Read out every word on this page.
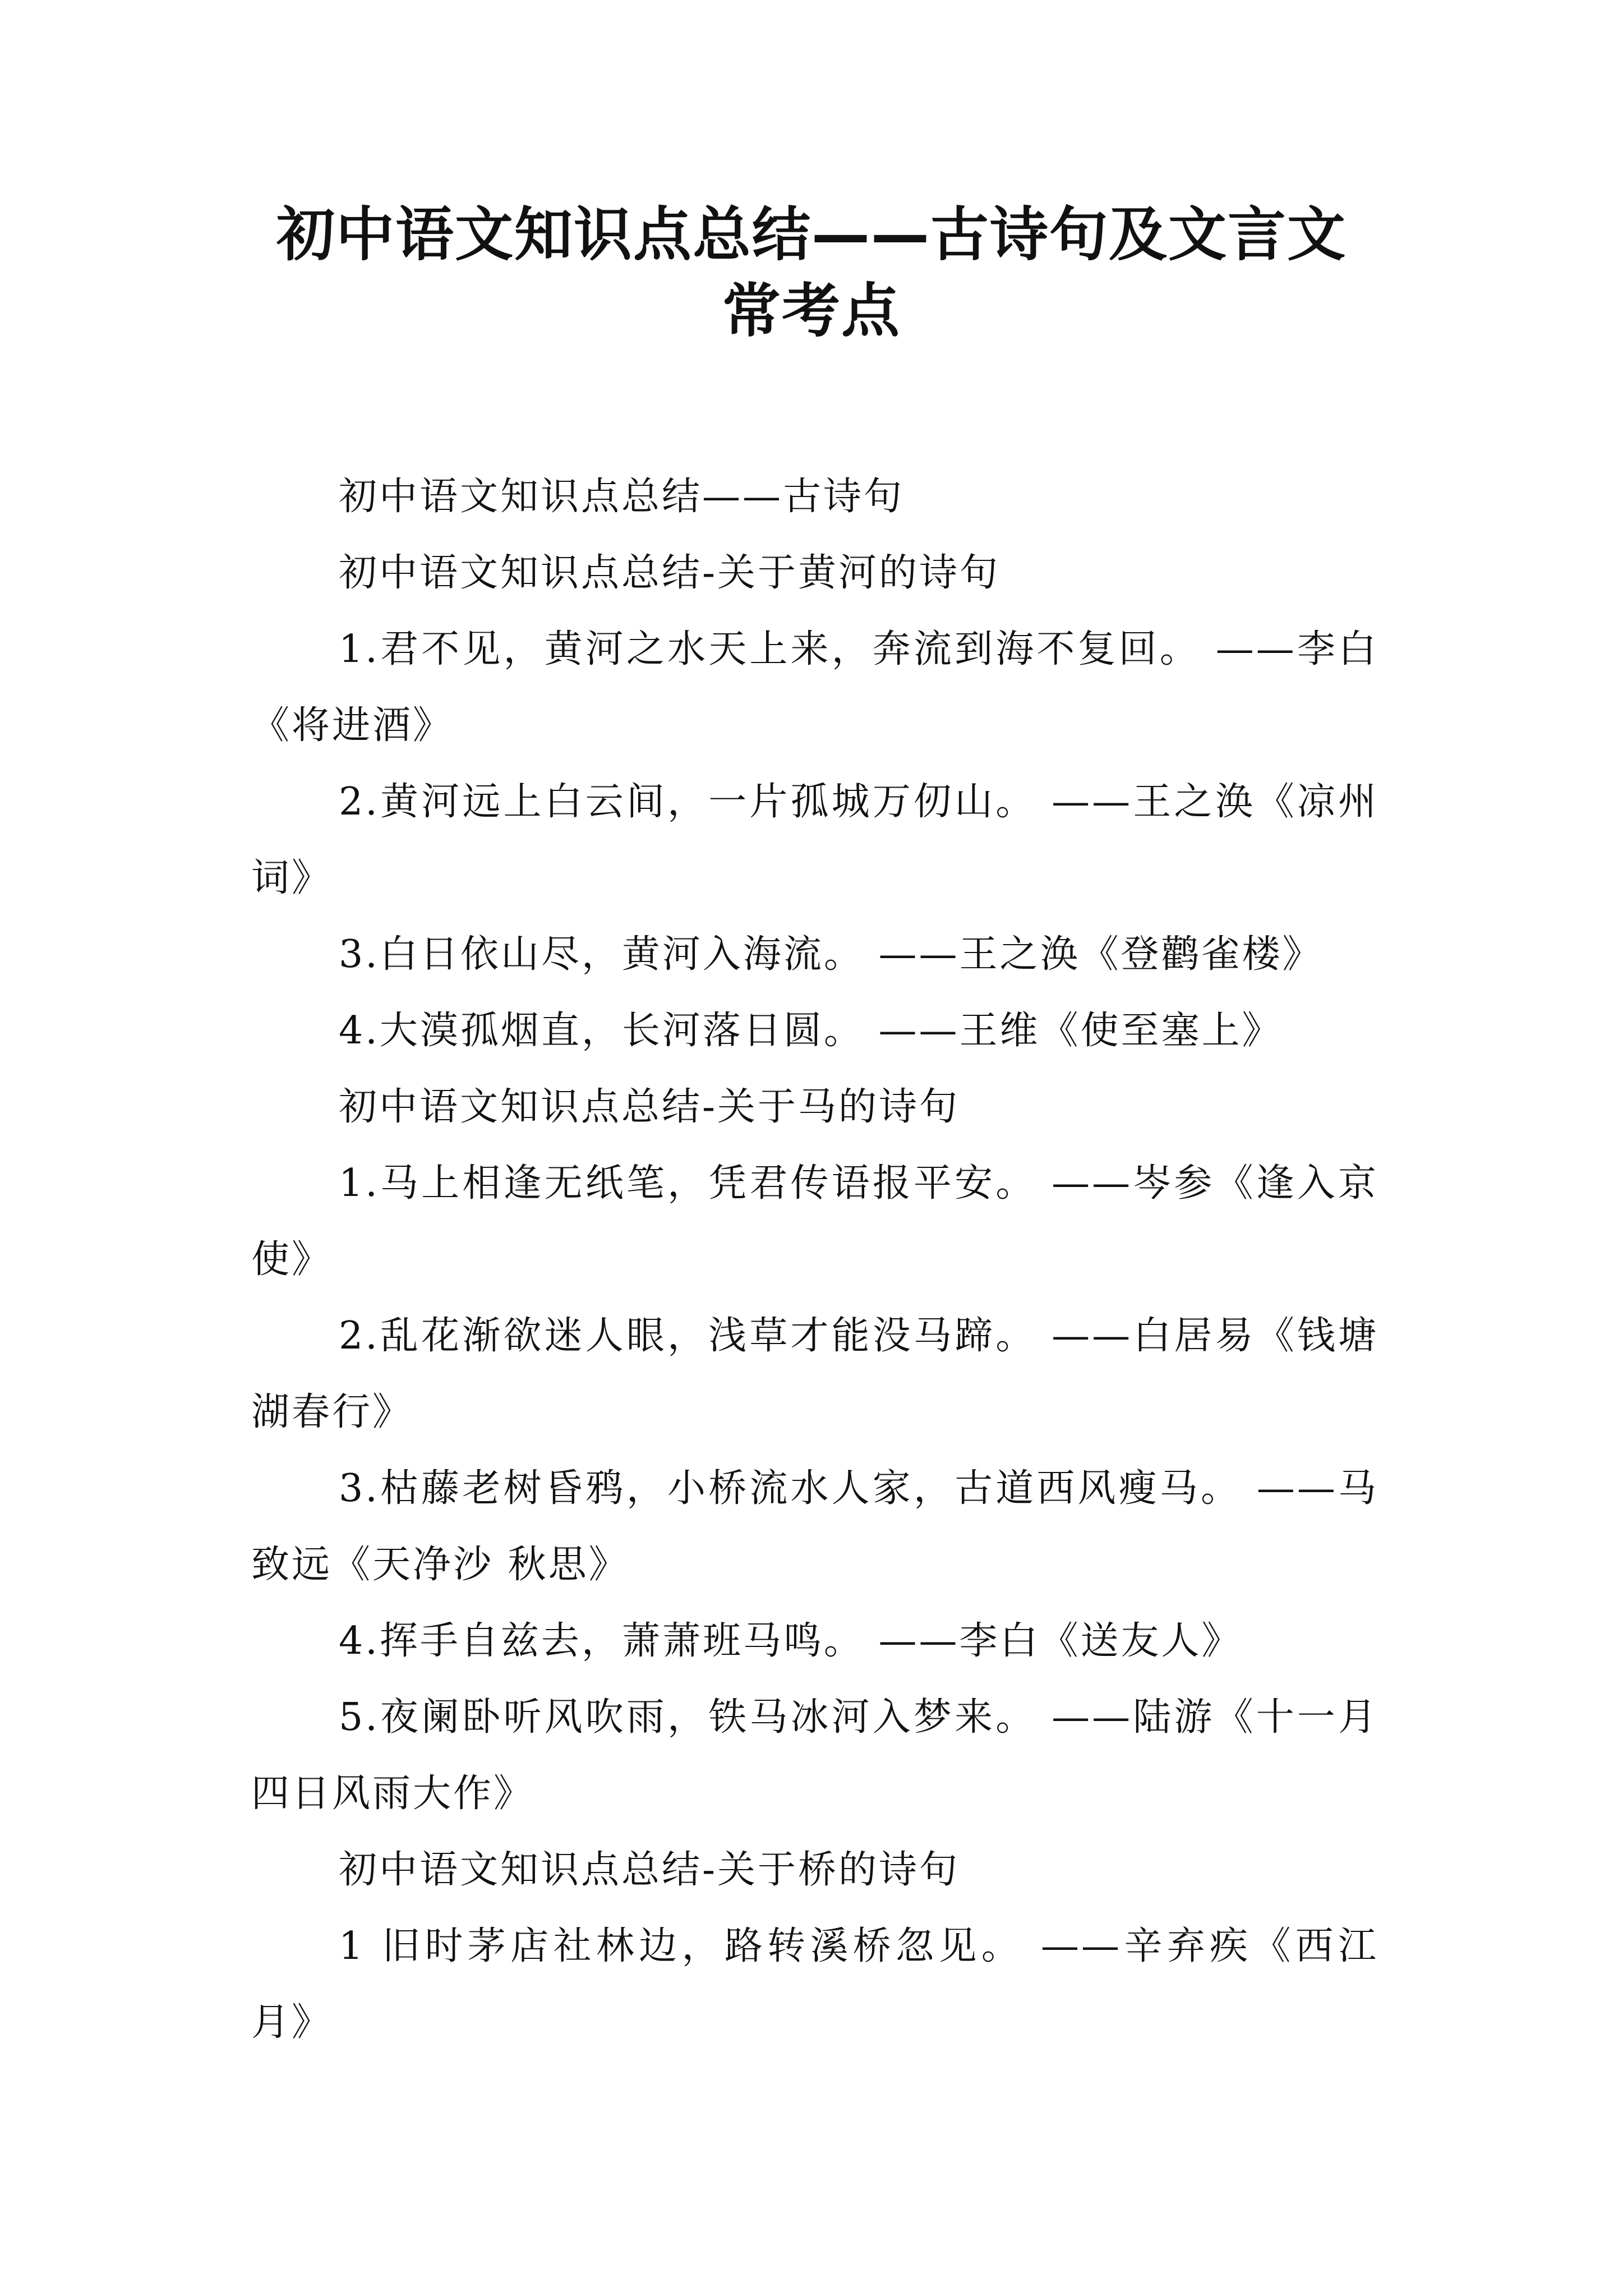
初中语文知识点总结——古诗句及文言文
常考点

初中语文知识点总结——古诗句

初中语文知识点总结-关于黄河的诗句

1.君不见，黄河之水天上来，奔流到海不复回。 ——李白《将进酒》

2.黄河远上白云间，一片孤城万仞山。 ——王之涣《凉州词》

3.白日依山尽，黄河入海流。 ——王之涣《登鹳雀楼》

4.大漠孤烟直，长河落日圆。 ——王维《使至塞上》

初中语文知识点总结-关于马的诗句

1.马上相逢无纸笔，凭君传语报平安。 ——岑参《逢入京使》

2.乱花渐欲迷人眼，浅草才能没马蹄。 ——白居易《钱塘湖春行》

3.枯藤老树昏鸦，小桥流水人家，古道西风瘦马。 ——马致远《天净沙 秋思》

4.挥手自兹去，萧萧班马鸣。 ——李白《送友人》

5.夜阑卧听风吹雨，铁马冰河入梦来。 ——陆游《十一月四日风雨大作》

初中语文知识点总结-关于桥的诗句

1 旧时茅店社林边，路转溪桥忽见。 ——辛弃疾《西江月》
